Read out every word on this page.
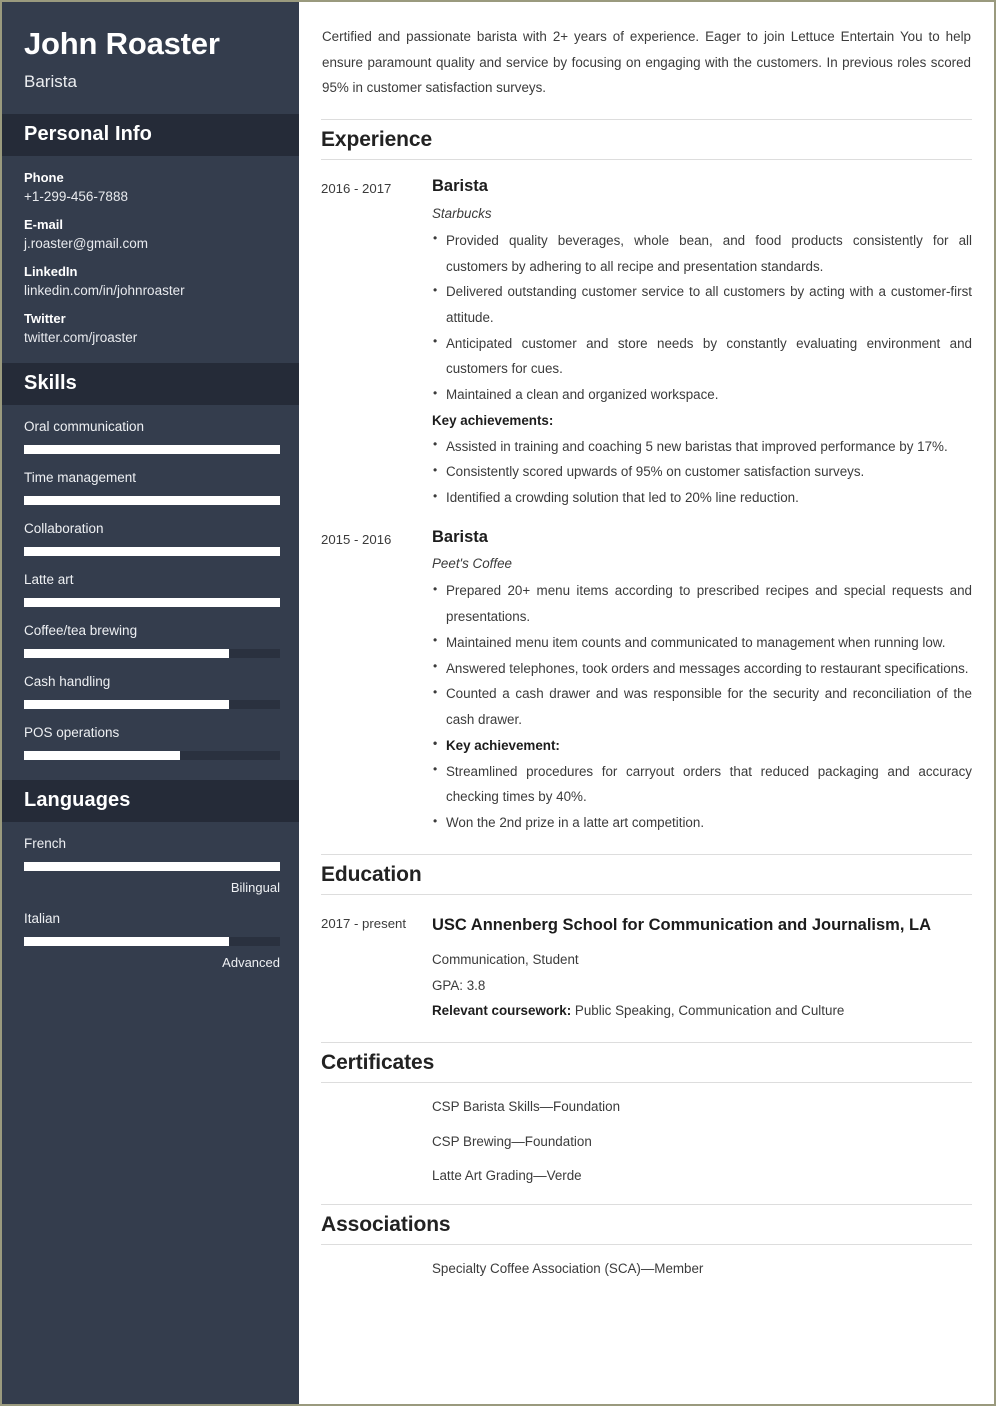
John Roaster
Barista
Personal Info
Phone
+1-299-456-7888
E-mail
j.roaster@gmail.com
LinkedIn
linkedin.com/in/johnroaster
Twitter
twitter.com/jroaster
Skills
Oral communication
Time management
Collaboration
Latte art
Coffee/tea brewing
Cash handling
POS operations
Languages
French
Bilingual
Italian
Advanced

Certified and passionate barista with 2+ years of experience. Eager to join Lettuce Entertain You to help ensure paramount quality and service by focusing on engaging with the customers. In previous roles scored 95% in customer satisfaction surveys.

Experience
2016 - 2017	Barista
Starbucks
• Provided quality beverages, whole bean, and food products consistently for all customers by adhering to all recipe and presentation standards.
• Delivered outstanding customer service to all customers by acting with a customer-first attitude.
• Anticipated customer and store needs by constantly evaluating environment and customers for cues.
• Maintained a clean and organized workspace.
Key achievements:
• Assisted in training and coaching 5 new baristas that improved performance by 17%.
• Consistently scored upwards of 95% on customer satisfaction surveys.
• Identified a crowding solution that led to 20% line reduction.
2015 - 2016	Barista
Peet's Coffee
• Prepared 20+ menu items according to prescribed recipes and special requests and presentations.
• Maintained menu item counts and communicated to management when running low.
• Answered telephones, took orders and messages according to restaurant specifications.
• Counted a cash drawer and was responsible for the security and reconciliation of the cash drawer.
• Key achievement:
• Streamlined procedures for carryout orders that reduced packaging and accuracy checking times by 40%.
• Won the 2nd prize in a latte art competition.
Education
2017 - present	USC Annenberg School for Communication and Journalism, LA
Communication, Student
GPA: 3.8
Relevant coursework: Public Speaking, Communication and Culture
Certificates
CSP Barista Skills—Foundation
CSP Brewing—Foundation
Latte Art Grading—Verde
Associations
Specialty Coffee Association (SCA)—Member
